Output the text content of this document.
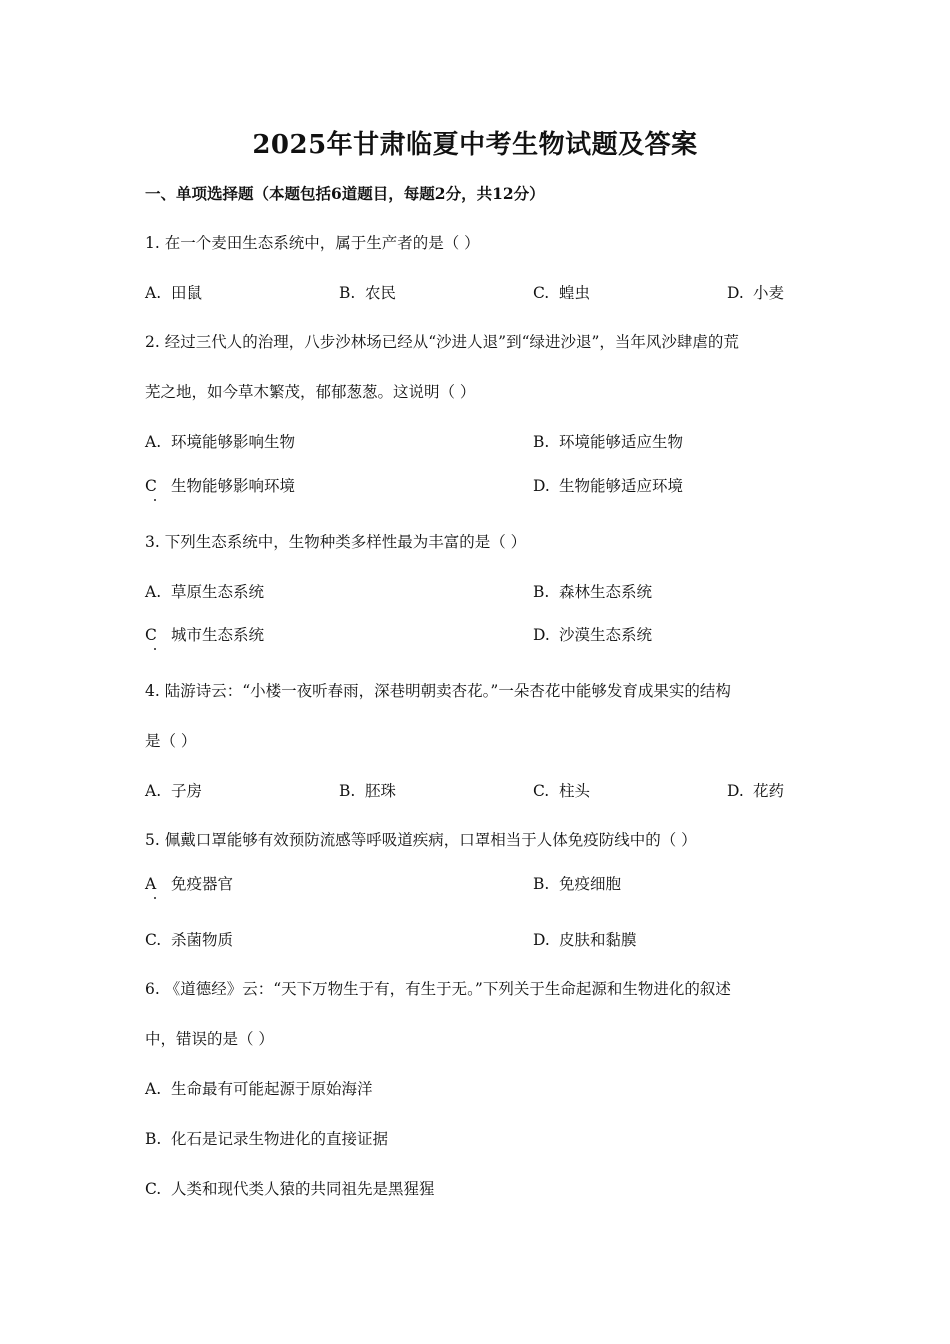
2025年甘肃临夏中考生物试题及答案
一、单项选择题（本题包括6道题目，每题2分，共12分）
1. 在一个麦田生态系统中，属于生产者的是（ ）
A. 田鼠	B. 农民	C. 蝗虫	D. 小麦
2. 经过三代人的治理，八步沙林场已经从“沙进人退”到“绿进沙退”，当年风沙肆虐的荒
芜之地，如今草木繁茂，郁郁葱葱。这说明（ ）
A. 环境能够影响生物	B. 环境能够适应生物
C 生物能够影响环境	D. 生物能够适应环境
3. 下列生态系统中，生物种类多样性最为丰富的是（ ）
A. 草原生态系统	B. 森林生态系统
C 城市生态系统	D. 沙漠生态系统
4. 陆游诗云：“小楼一夜听春雨，深巷明朝卖杏花。”一朵杏花中能够发育成果实的结构
是（ ）
A. 子房	B. 胚珠	C. 柱头	D. 花药
5. 佩戴口罩能够有效预防流感等呼吸道疾病，口罩相当于人体免疫防线中的（ ）
A 免疫器官	B. 免疫细胞
C. 杀菌物质	D. 皮肤和黏膜
6. 《道德经》云：“天下万物生于有，有生于无。”下列关于生命起源和生物进化的叙述
中，错误的是（ ）
A. 生命最有可能起源于原始海洋
B. 化石是记录生物进化的直接证据
C. 人类和现代类人猿的共同祖先是黑猩猩
